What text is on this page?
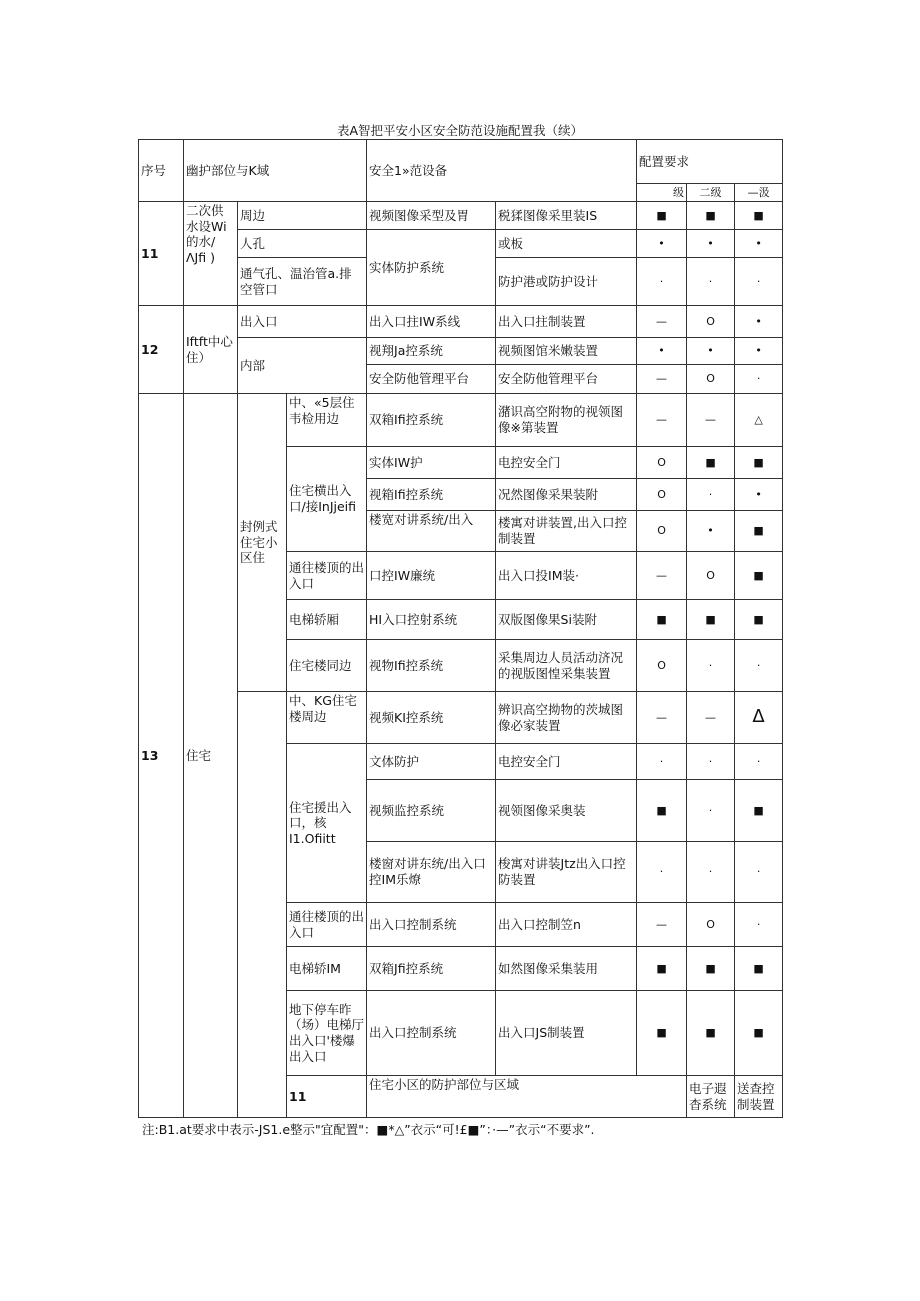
表A智把平安小区安全防范设施配置我（续）
序号	幽护部位与K域			安全1»范设备		配置要求			
						级	二级	—汲	
11	二次供水设Wi的水/ΛJfi )	周边		视频图像采型及胃	税猱图像采里装IS	■	■	■	
		人孔		实体防护系统	或板	•	•	•	
		通气孔、温治管a.排空管口			防护港或防护设计	·	·	·	
12	Iftft中心住）	出入口		出入口拄IW系线	出入口拄制装置	—	O	•	
		内部		视翔Ja控系统	视频图馆米嫩装置	•	•	•	
				安全防他管理平台	安全防他管理平台	—	O	·	
13	住宅	封例式住宅小区住	中、«5层住韦检用边	双箱Ifi控系统	潴识高空附物的视领图像※第装置	—	—	△	
			住宅横出入口/接InJjeifi	实体IW护	电控安全门	O	■	■	
				视箱Ifi控系统	况然图像采果装附	O	·	•	
				楼宽对讲系统/出入	楼寓对讲装置,出入口控制装置	O	•	■	
			通往楼顶的出入口	口控IW廉统	出入口投IM装·	—	O	■	
			电梯轿厢	HI入口控射系统	双版图像果Si装附	■	■	■	
			住宅楼同边	视物Ifi控系统	采集周边人员活动济况的视版图惶采集装置	O	·	·	
			中、KG住宅楼周边	视频KI控系统	辨识高空拗物的茨城图像必家装置	—	—	Δ	
			住宅援出入口，核I1.Ofiitt	文体防护	电控安全门	·	·	·	
				视频监控系统	视领图像采奥装	■	·	■	
				楼窗对讲东统/出入口控IM乐燎	梭寓对讲装Jtz出入口控防装置	·	·	·	
			通往楼顶的出入口	出入口控制系统	出入口控制笠n	—	O	·	
			电梯轿IM	双箱Jfi控系统	如然图像采集装用	■	■	■	
			地下停车昨（场）电梯厅出入口'楼爆出入口	出入口控制系统	出入口JS制装置	■	■	■	
			11	住宅小区的防护部位与区域			电子遐杳系统	送查控制装置			
注:B1.at要求中表示-JS1.e整示"宜配置"：■*△”衣示“可!£■”：·—”衣示“不要求”.
